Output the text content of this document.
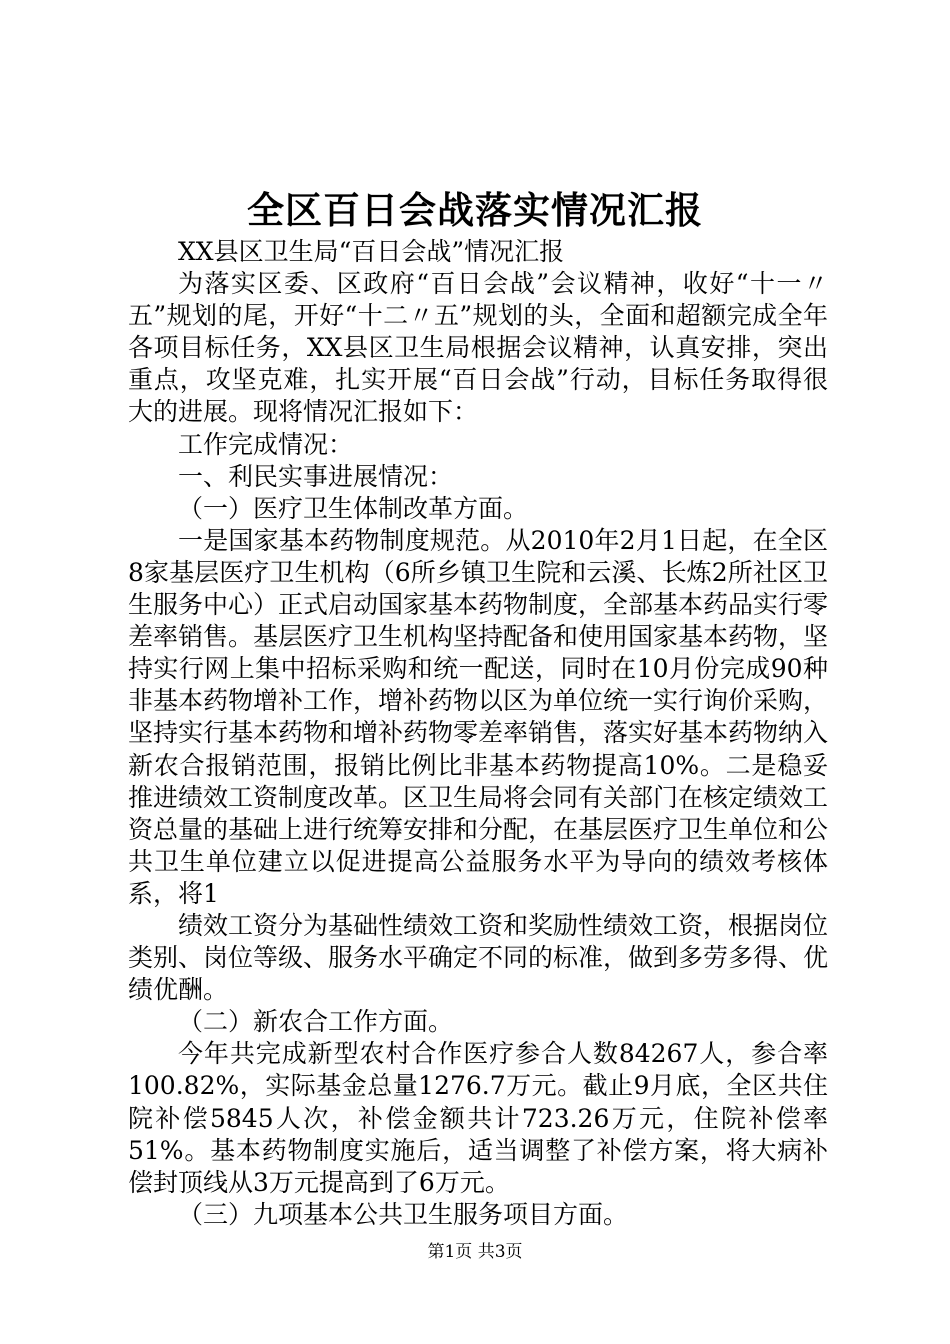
全区百日会战落实情况汇报

XX县区卫生局“百日会战”情况汇报

为落实区委、区政府“百日会战”会议精神，收好“十一〃五”规划的尾，开好“十二〃五”规划的头，全面和超额完成全年各项目标任务，XX县区卫生局根据会议精神，认真安排，突出重点，攻坚克难，扎实开展“百日会战”行动，目标任务取得很大的进展。现将情况汇报如下：

工作完成情况：

一、利民实事进展情况：

（一）医疗卫生体制改革方面。

一是国家基本药物制度规范。从2010年2月1日起，在全区8家基层医疗卫生机构（6所乡镇卫生院和云溪、长炼2所社区卫生服务中心）正式启动国家基本药物制度，全部基本药品实行零差率销售。基层医疗卫生机构坚持配备和使用国家基本药物，坚持实行网上集中招标采购和统一配送，同时在10月份完成90种非基本药物增补工作，增补药物以区为单位统一实行询价采购，坚持实行基本药物和增补药物零差率销售，落实好基本药物纳入新农合报销范围，报销比例比非基本药物提高10%。二是稳妥推进绩效工资制度改革。区卫生局将会同有关部门在核定绩效工资总量的基础上进行统筹安排和分配，在基层医疗卫生单位和公共卫生单位建立以促进提高公益服务水平为导向的绩效考核体系，将1

绩效工资分为基础性绩效工资和奖励性绩效工资，根据岗位类别、岗位等级、服务水平确定不同的标准，做到多劳多得、优绩优酬。

（二）新农合工作方面。

今年共完成新型农村合作医疗参合人数84267人，参合率100.82%，实际基金总量1276.7万元。截止9月底，全区共住院补偿5845人次，补偿金额共计723.26万元，住院补偿率51%。基本药物制度实施后，适当调整了补偿方案，将大病补偿封顶线从3万元提高到了6万元。

（三）九项基本公共卫生服务项目方面。

第1页 共3页
